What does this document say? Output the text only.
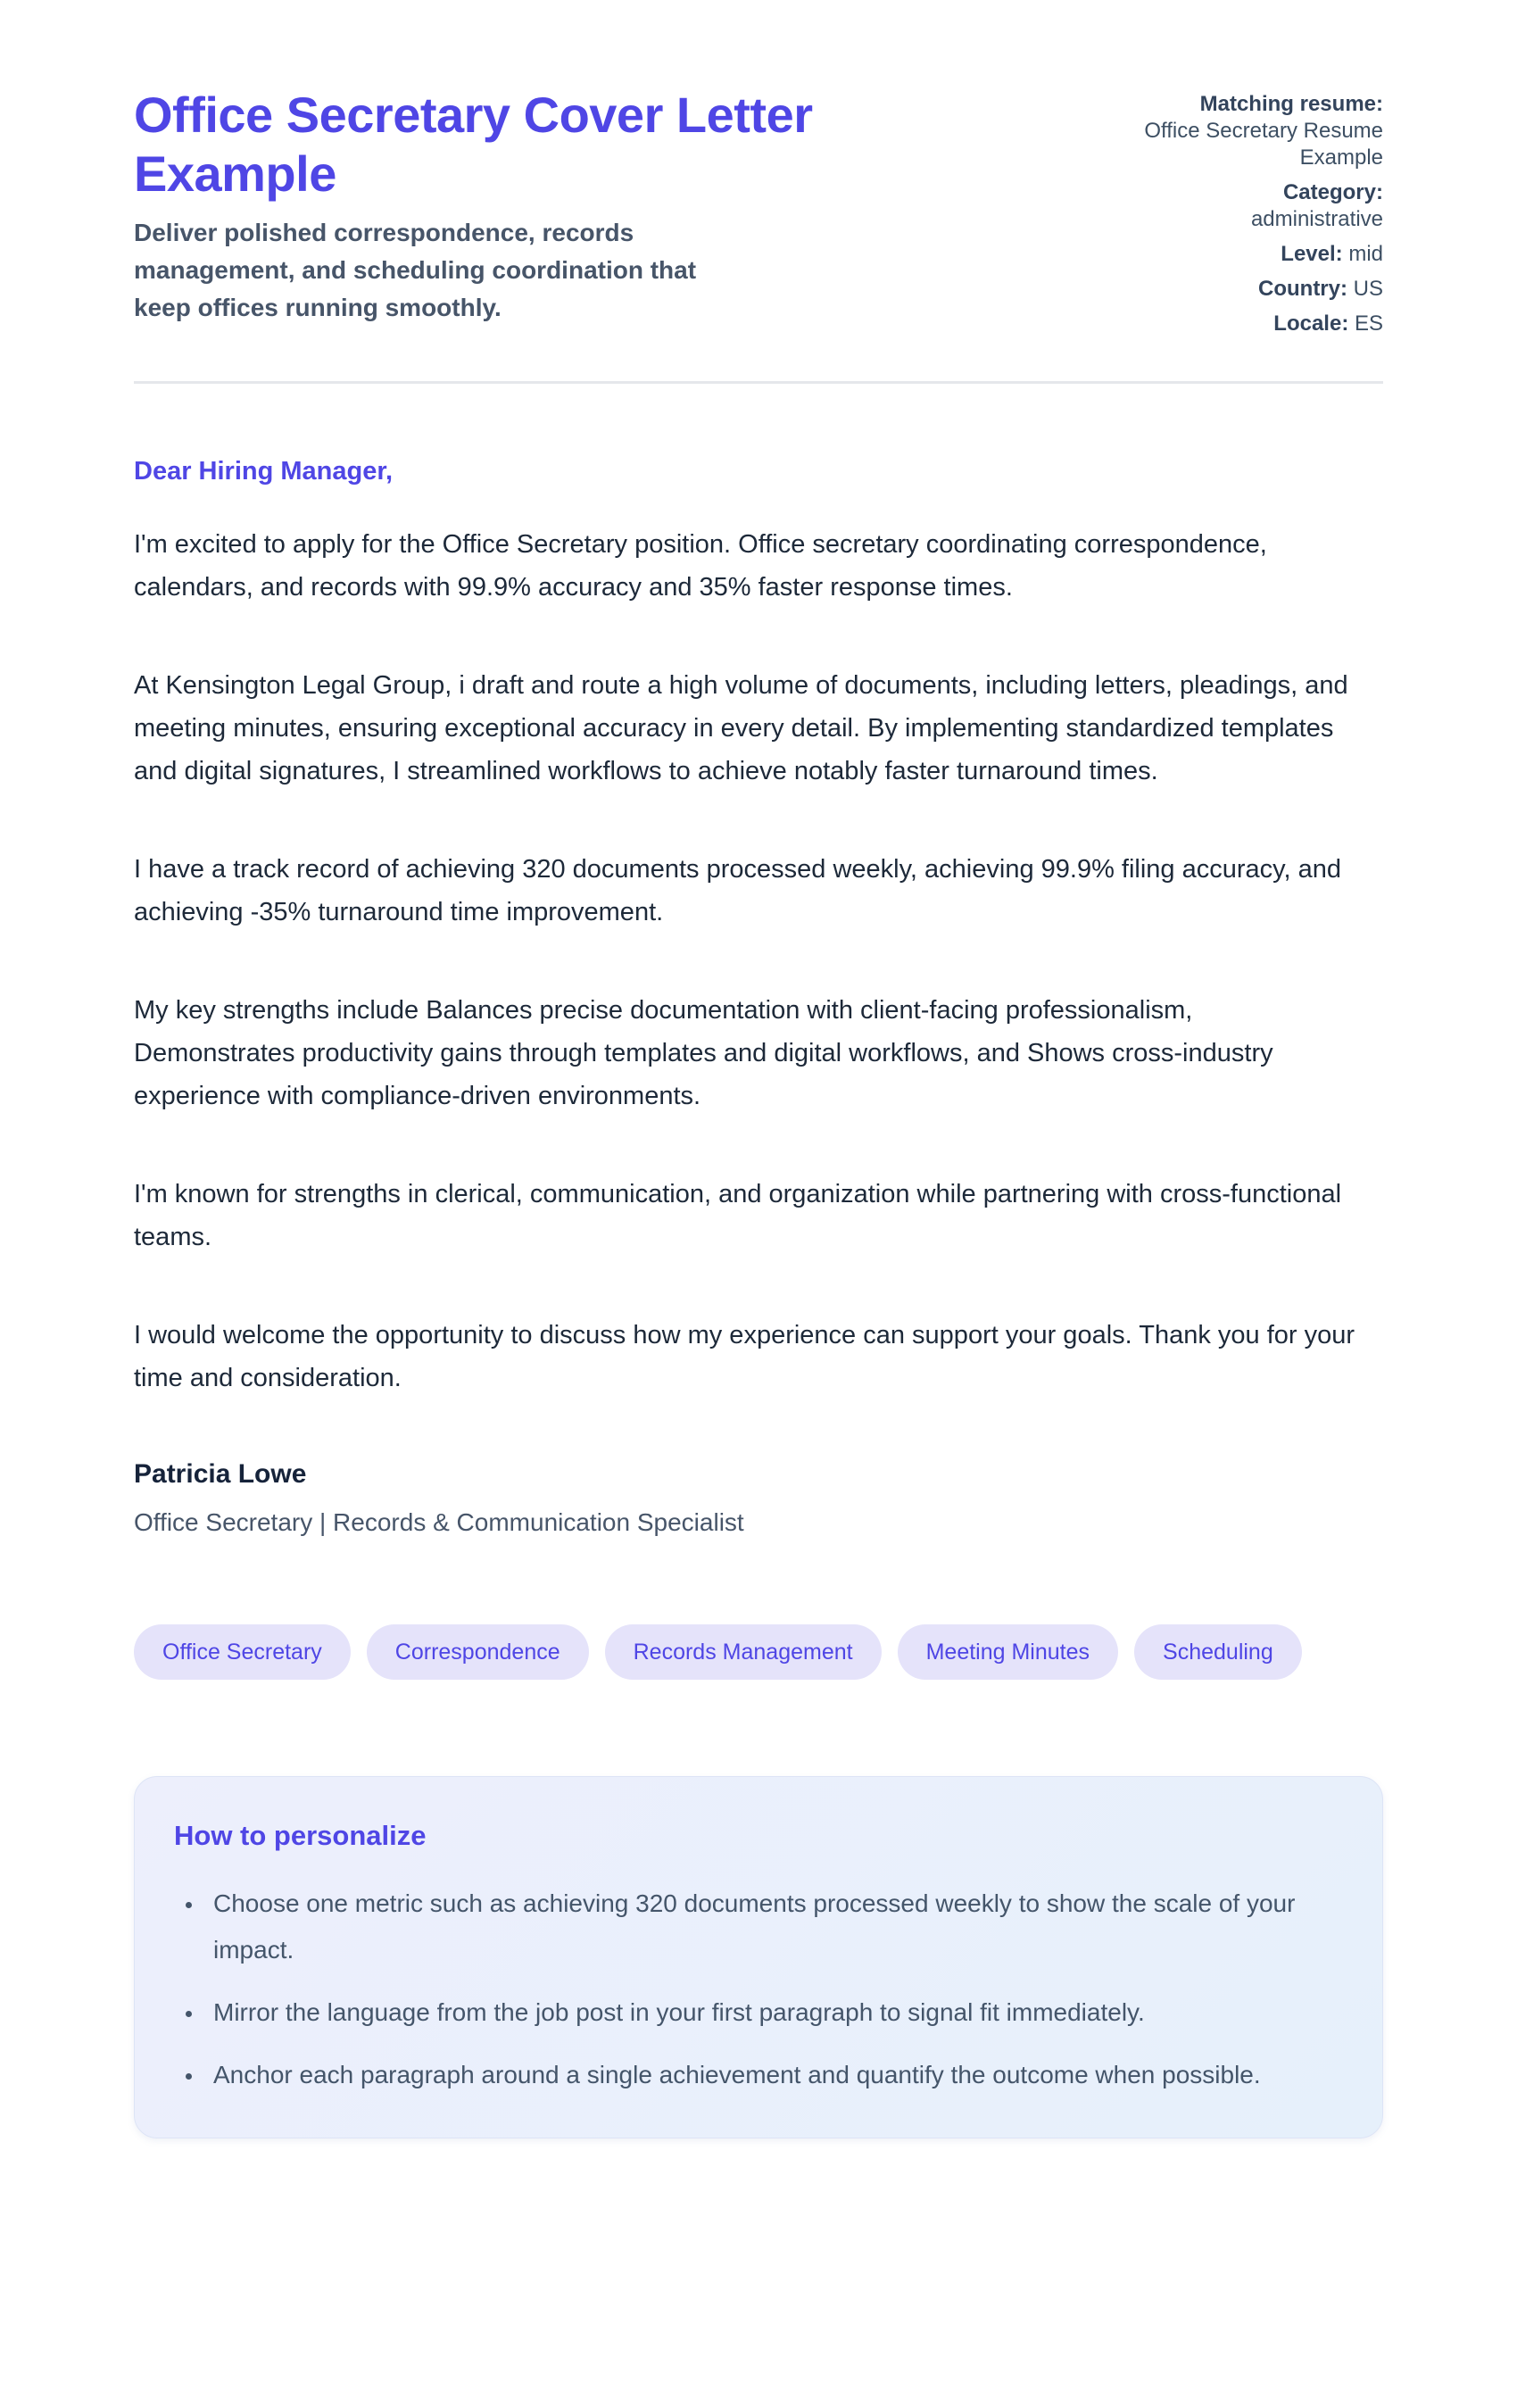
Office Secretary Cover Letter Example

Deliver polished correspondence, records management, and scheduling coordination that keep offices running smoothly.

Matching resume:
Office Secretary Resume Example
Category:
administrative
Level: mid
Country: US
Locale: ES

Dear Hiring Manager,

I'm excited to apply for the Office Secretary position. Office secretary coordinating correspondence, calendars, and records with 99.9% accuracy and 35% faster response times.

At Kensington Legal Group, i draft and route a high volume of documents, including letters, pleadings, and meeting minutes, ensuring exceptional accuracy in every detail. By implementing standardized templates and digital signatures, I streamlined workflows to achieve notably faster turnaround times.

I have a track record of achieving 320 documents processed weekly, achieving 99.9% filing accuracy, and achieving -35% turnaround time improvement.

My key strengths include Balances precise documentation with client-facing professionalism, Demonstrates productivity gains through templates and digital workflows, and Shows cross-industry experience with compliance-driven environments.

I'm known for strengths in clerical, communication, and organization while partnering with cross-functional teams.

I would welcome the opportunity to discuss how my experience can support your goals. Thank you for your time and consideration.

Patricia Lowe

Office Secretary | Records & Communication Specialist

Office Secretary	Correspondence	Records Management	Meeting Minutes	Scheduling
How to personalize
• Choose one metric such as achieving 320 documents processed weekly to show the scale of your impact.
• Mirror the language from the job post in your first paragraph to signal fit immediately.
• Anchor each paragraph around a single achievement and quantify the outcome when possible.
